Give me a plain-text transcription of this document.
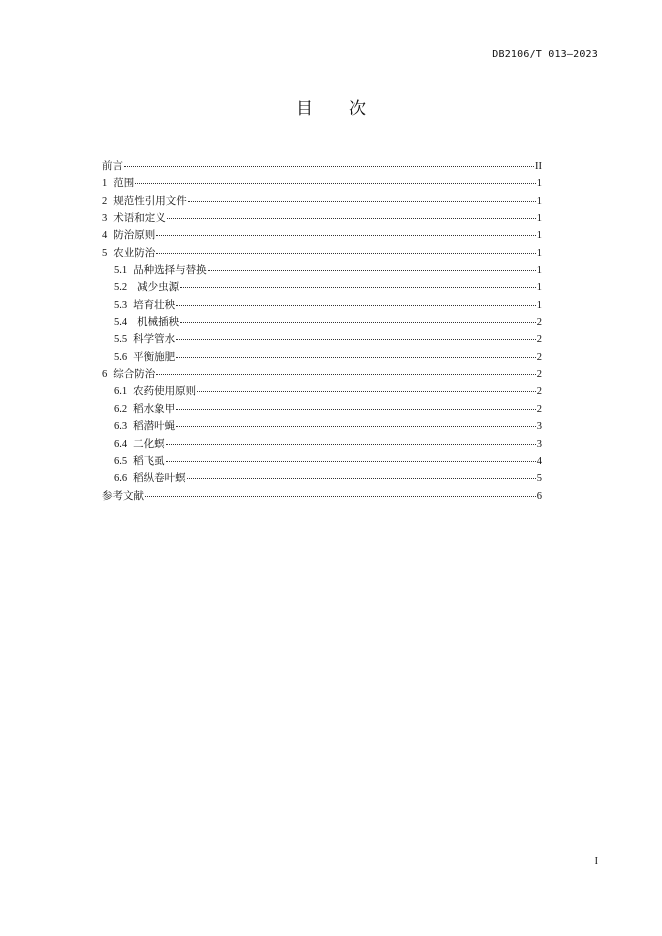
DB2106/T 013—2023
目 次
前言	II
1 范围	1
2 规范性引用文件	1
3 术语和定义	1
4 防治原则	1
5 农业防治	1
5.1 品种选择与替换	1
5.2 减少虫源	1
5.3 培育壮秧	1
5.4 机械插秧	2
5.5 科学管水	2
5.6 平衡施肥	2
6 综合防治	2
6.1 农药使用原则	2
6.2 稻水象甲	2
6.3 稻潜叶蝇	3
6.4 二化螟	3
6.5 稻飞虱	4
6.6 稻纵卷叶螟	5
参考文献	6
I
